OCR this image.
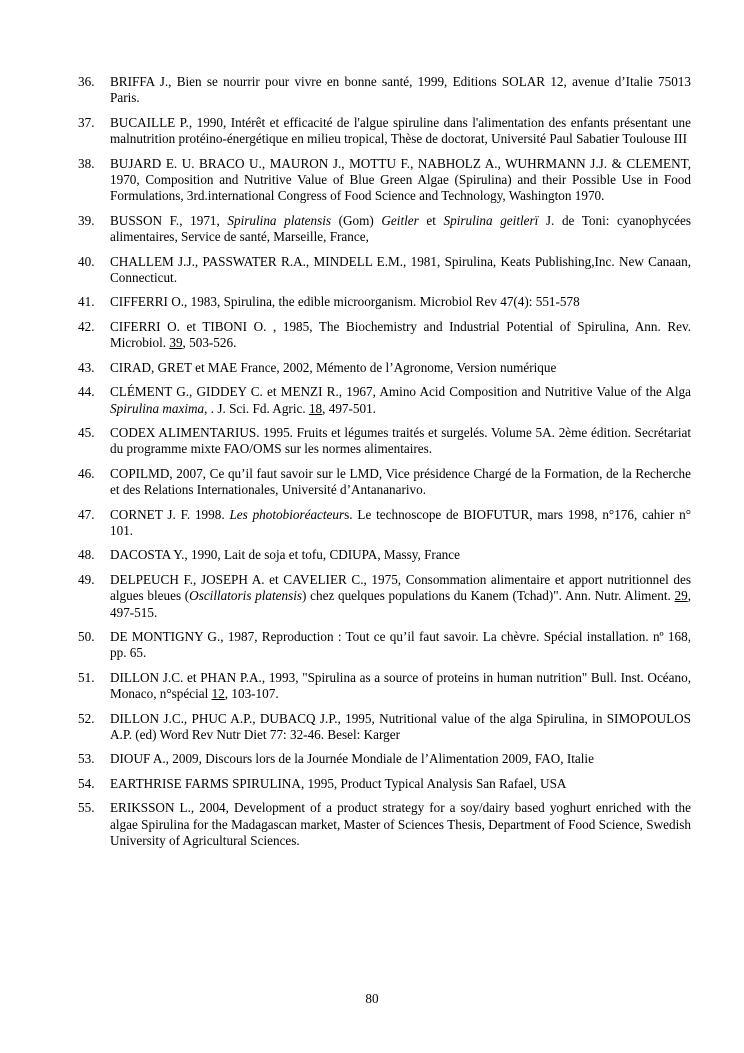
36.	BRIFFA J., Bien se nourrir pour vivre en bonne santé, 1999, Editions SOLAR 12, avenue d’Italie 75013 Paris.
37.	BUCAILLE P., 1990, Intérêt et efficacité de l'algue spiruline dans l'alimentation des enfants présentant une malnutrition protéino-énergétique en milieu tropical, Thèse de doctorat, Université Paul Sabatier Toulouse III
38.	BUJARD E. U. BRACO U., MAURON J., MOTTU F., NABHOLZ A., WUHRMANN J.J. & CLEMENT, 1970, Composition and Nutritive Value of Blue Green Algae (Spirulina) and their Possible Use in Food Formulations, 3rd.international Congress of Food Science and Technology, Washington 1970.
39.	BUSSON F., 1971, Spirulina platensis (Gom) Geitler et Spirulina geitlerï J. de Toni: cyanophycées alimentaires, Service de santé, Marseille, France,
40.	CHALLEM J.J., PASSWATER R.A., MINDELL E.M., 1981, Spirulina, Keats Publishing,Inc. New Canaan, Connecticut.
41.	CIFFERRI O., 1983, Spirulina, the edible microorganism. Microbiol Rev 47(4): 551-578
42.	CIFERRI O. et TIBONI O. , 1985, The Biochemistry and Industrial Potential of Spirulina, Ann. Rev. Microbiol. 39, 503-526.
43.	CIRAD, GRET et MAE France, 2002, Mémento de l’Agronome, Version numérique
44.	CLÉMENT G., GIDDEY C. et MENZI R., 1967, Amino Acid Composition and Nutritive Value of the Alga Spirulina maxima, . J. Sci. Fd. Agric. 18, 497-501.
45.	CODEX ALIMENTARIUS. 1995. Fruits et légumes traités et surgelés. Volume 5A. 2ème édition. Secrétariat du programme mixte FAO/OMS sur les normes alimentaires.
46.	COPILMD, 2007, Ce qu’il faut savoir sur le LMD, Vice présidence Chargé de la Formation, de la Recherche et des Relations Internationales, Université d’Antananarivo.
47.	CORNET J. F. 1998. Les photobioréacteurs. Le technoscope de BIOFUTUR, mars 1998, n°176, cahier n° 101.
48.	DACOSTA Y., 1990, Lait de soja et tofu, CDIUPA, Massy, France
49.	DELPEUCH F., JOSEPH A. et CAVELIER C., 1975, Consommation alimentaire et apport nutritionnel des algues bleues (Oscillatoris platensis) chez quelques populations du Kanem (Tchad)". Ann. Nutr. Aliment. 29, 497-515.
50.	DE MONTIGNY G., 1987, Reproduction : Tout ce qu’il faut savoir. La chèvre. Spécial installation. nº 168, pp. 65.
51.	DILLON J.C. et PHAN P.A., 1993, "Spirulina as a source of proteins in human nutrition" Bull. Inst. Océano, Monaco, n°spécial 12, 103-107.
52.	DILLON J.C., PHUC A.P., DUBACQ J.P., 1995, Nutritional value of the alga Spirulina, in SIMOPOULOS A.P. (ed) Word Rev Nutr Diet 77: 32-46. Besel: Karger
53.	DIOUF A., 2009, Discours lors de la Journée Mondiale de l’Alimentation 2009, FAO, Italie
54.	EARTHRISE FARMS SPIRULINA, 1995, Product Typical Analysis San Rafael, USA
55.	ERIKSSON L., 2004, Development of a product strategy for a soy/dairy based yoghurt enriched with the algae Spirulina for the Madagascan market, Master of Sciences Thesis, Department of Food Science, Swedish University of Agricultural Sciences.
80
